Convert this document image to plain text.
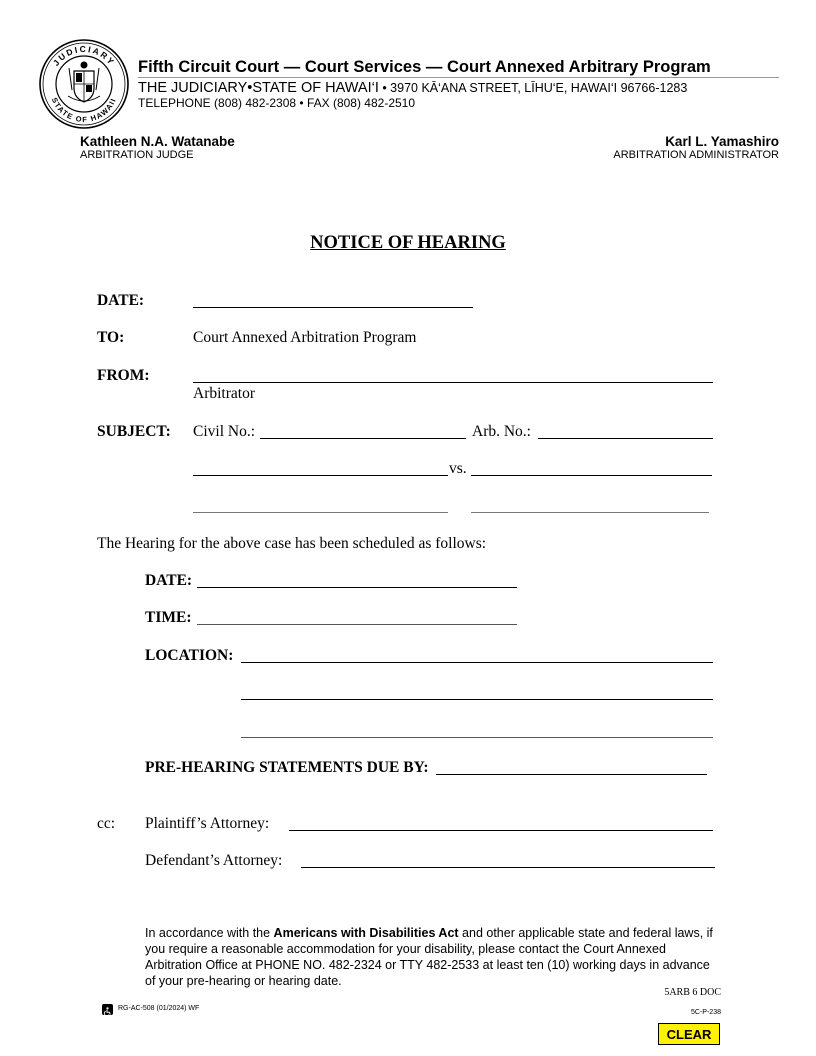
JUDICIARY
STATE OF HAWAII
Fifth Circuit Court — Court Services — Court Annexed Arbitrary Program
THE JUDICIARY•STATE OF HAWAI‘I • 3970 KĀ‘ANA STREET, LĪHU‘E, HAWAI‘I 96766-1283
TELEPHONE (808) 482-2308 • FAX (808) 482-2510
Kathleen N.A. Watanabe
ARBITRATION JUDGE
Karl L. Yamashiro
ARBITRATION ADMINISTRATOR
NOTICE OF HEARING
DATE:
TO:	Court Annexed Arbitration Program
FROM:
Arbitrator
SUBJECT: Civil No.:	Arb. No.:
vs.
The Hearing for the above case has been scheduled as follows:
DATE:
TIME:
LOCATION:
PRE-HEARING STATEMENTS DUE BY:
cc: Plaintiff’s Attorney:
Defendant’s Attorney:
In accordance with the Americans with Disabilities Act and other applicable state and federal laws, if you require a reasonable accommodation for your disability, please contact the Court Annexed Arbitration Office at PHONE NO. 482-2324 or TTY 482-2533 at least ten (10) working days in advance of your pre-hearing or hearing date.
5ARB 6 DOC
5C-P-238
RG-AC-508 (01/2024) WF
CLEAR
